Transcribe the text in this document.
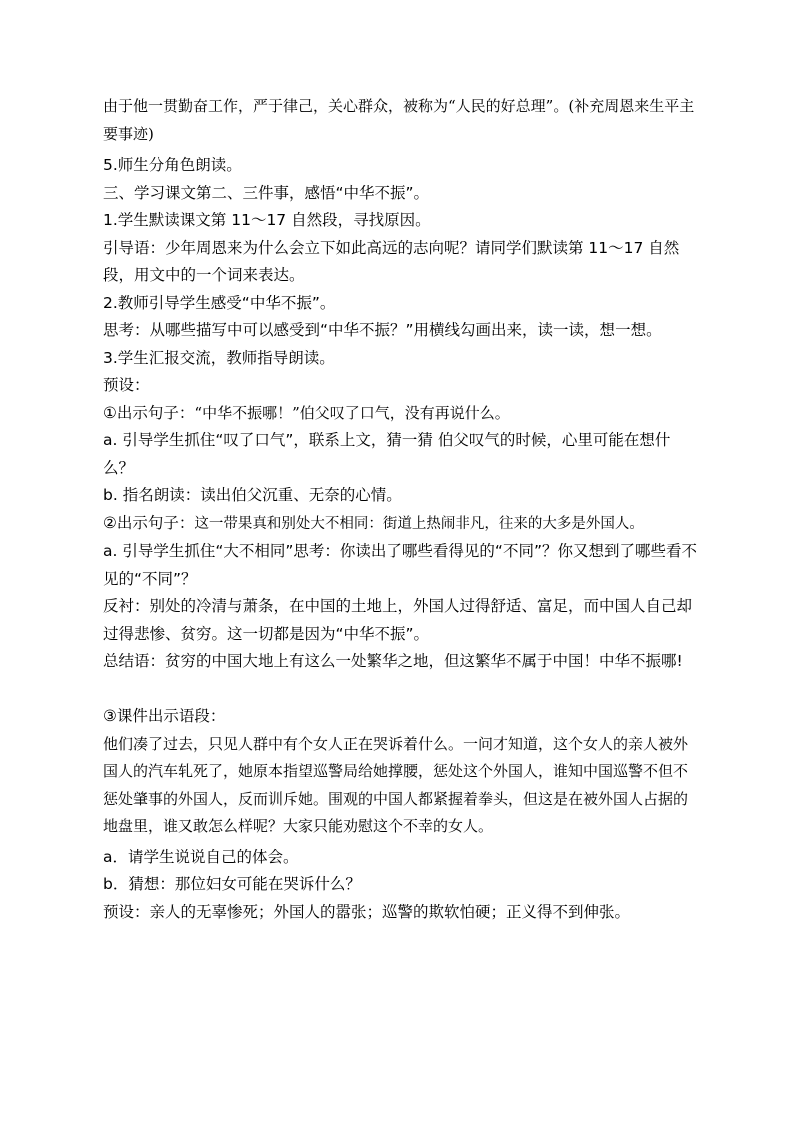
由于他一贯勤奋工作，严于律己，关心群众，被称为“人民的好总理”。(补充周恩来生平主要事迹)

5.师生分角色朗读。

三、学习课文第二、三件事，感悟“中华不振”。

1.学生默读课文第 11～17 自然段，寻找原因。

引导语：少年周恩来为什么会立下如此高远的志向呢？请同学们默读第 11～17 自然段，用文中的一个词来表达。

2.教师引导学生感受“中华不振”。

思考：从哪些描写中可以感受到“中华不振？”用横线勾画出来，读一读，想一想。

3.学生汇报交流，教师指导朗读。

预设：

①出示句子：“中华不振哪！”伯父叹了口气，没有再说什么。

a. 引导学生抓住“叹了口气”，联系上文，猜一猜 伯父叹气的时候，心里可能在想什么？

b. 指名朗读：读出伯父沉重、无奈的心情。

②出示句子：这一带果真和别处大不相同：街道上热闹非凡，往来的大多是外国人。

a. 引导学生抓住“大不相同”思考：你读出了哪些看得见的“不同”？你又想到了哪些看不见的“不同”？

反衬：别处的冷清与萧条，在中国的土地上，外国人过得舒适、富足，而中国人自己却过得悲惨、贫穷。这一切都是因为“中华不振”。

总结语：贫穷的中国大地上有这么一处繁华之地，但这繁华不属于中国！中华不振哪!

③课件出示语段：

他们凑了过去，只见人群中有个女人正在哭诉着什么。一问才知道，这个女人的亲人被外国人的汽车轧死了，她原本指望巡警局给她撑腰，惩处这个外国人，谁知中国巡警不但不惩处肇事的外国人，反而训斥她。围观的中国人都紧握着拳头，但这是在被外国人占据的地盘里，谁又敢怎么样呢？大家只能劝慰这个不幸的女人。

a．请学生说说自己的体会。

b．猜想：那位妇女可能在哭诉什么？

预设：亲人的无辜惨死；外国人的嚣张；巡警的欺软怕硬；正义得不到伸张。
